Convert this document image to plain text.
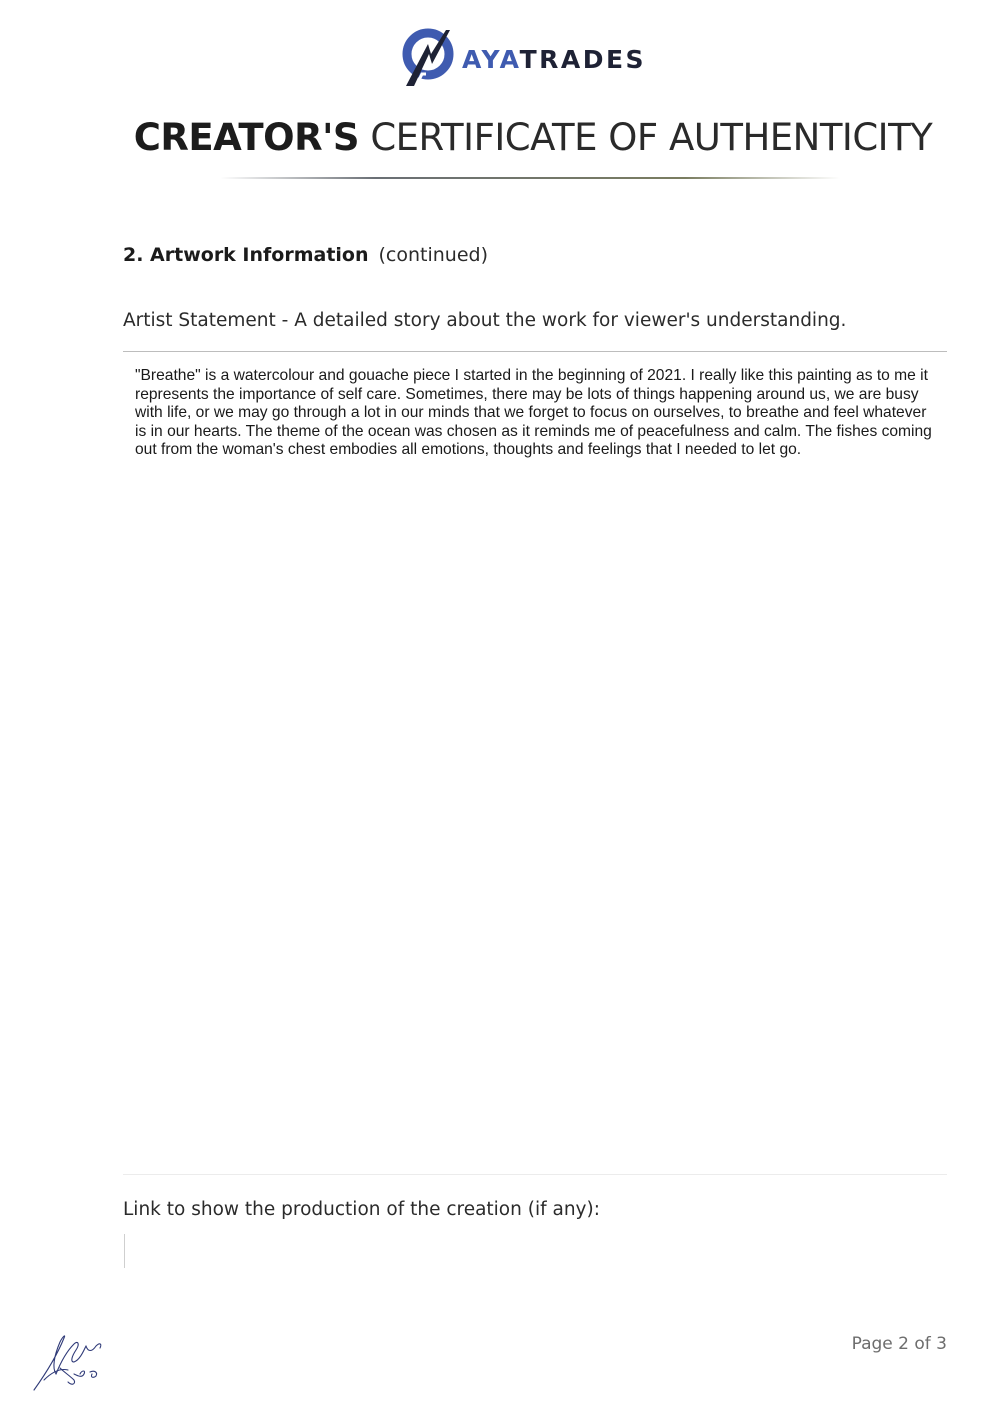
AYATRADES
CREATOR'S CERTIFICATE OF AUTHENTICITY
2. Artwork Information (continued)
Artist Statement - A detailed story about the work for viewer's understanding.

"Breathe" is a watercolour and gouache piece I started in the beginning of 2021. I really like this painting as to me it represents the importance of self care. Sometimes, there may be lots of things happening around us, we are busy with life, or we may go through a lot in our minds that we forget to focus on ourselves, to breathe and feel whatever is in our hearts. The theme of the ocean was chosen as it reminds me of peacefulness and calm. The fishes coming out from the woman's chest embodies all emotions, thoughts and feelings that I needed to let go.

Link to show the production of the creation (if any):
Page 2 of 3
